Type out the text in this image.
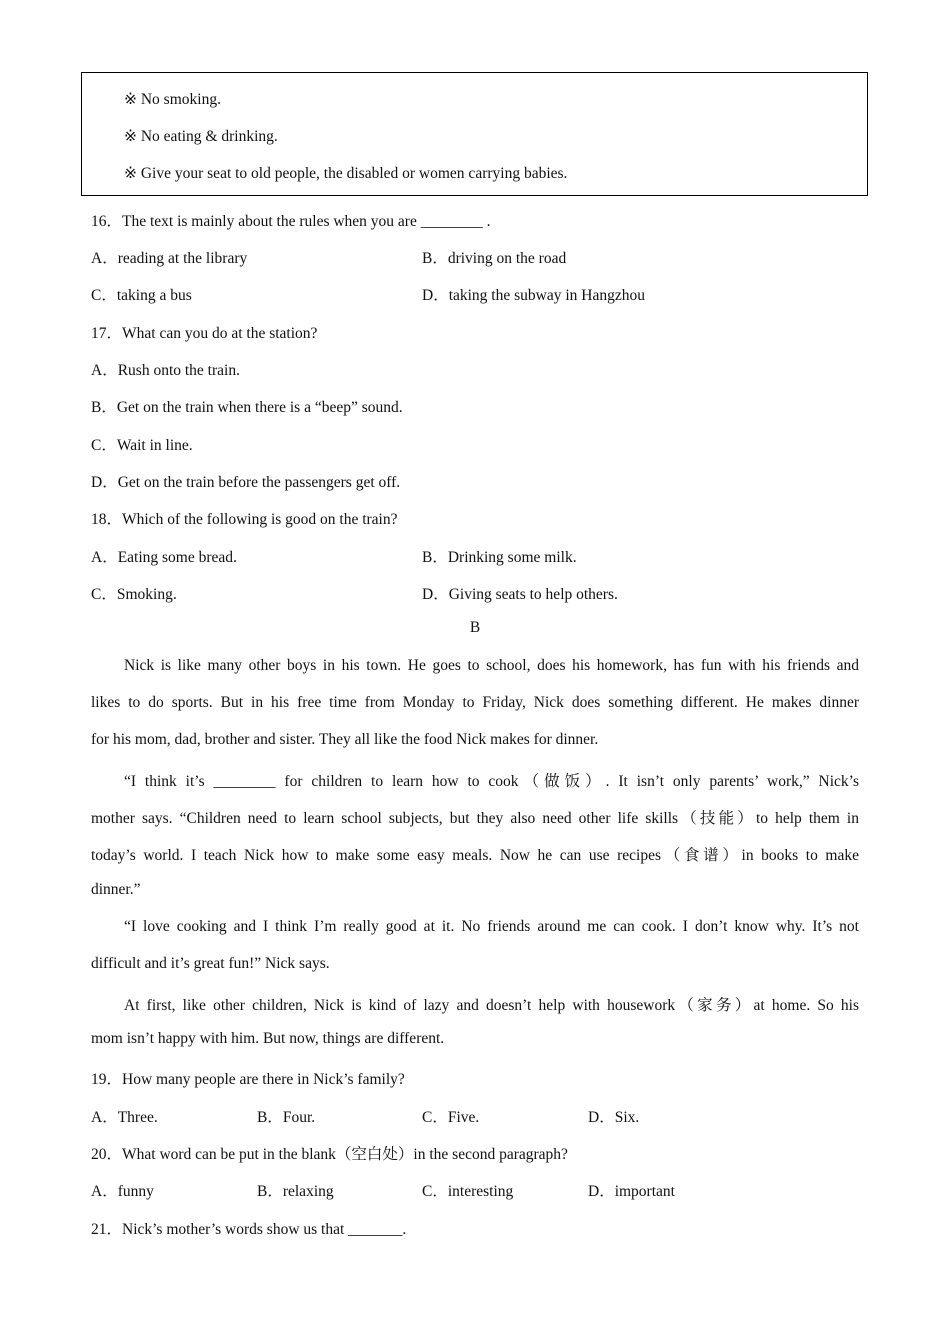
※ No smoking.
※ No eating & drinking.
※ Give your seat to old people, the disabled or women carrying babies.
16．The text is mainly about the rules when you are ________ .
A．reading at the library	B．driving on the road
C．taking a bus	D．taking the subway in Hangzhou
17．What can you do at the station?
A．Rush onto the train.
B．Get on the train when there is a “beep” sound.
C．Wait in line.
D．Get on the train before the passengers get off.
18．Which of the following is good on the train?
A．Eating some bread.	B．Drinking some milk.
C．Smoking.	D．Giving seats to help others.
B
Nick is like many other boys in his town. He goes to school, does his homework, has fun with his friends and
likes to do sports. But in his free time from Monday to Friday, Nick does something different. He makes dinner
for his mom, dad, brother and sister. They all like the food Nick makes for dinner.
“I think it’s ________ for children to learn how to cook（做饭）. It isn’t only parents’ work,” Nick’s
mother says. “Children need to learn school subjects, but they also need other life skills（技能）to help them in
today’s world. I teach Nick how to make some easy meals. Now he can use recipes（食谱）in books to make
dinner.”
“I love cooking and I think I’m really good at it. No friends around me can cook. I don’t know why. It’s not
difficult and it’s great fun!” Nick says.
At first, like other children, Nick is kind of lazy and doesn’t help with housework（家务）at home. So his
mom isn’t happy with him. But now, things are different.
19．How many people are there in Nick’s family?
A．Three.	B．Four.	C．Five.	D．Six.
20．What word can be put in the blank（空白处）in the second paragraph?
A．funny	B．relaxing	C．interesting	D．important
21．Nick’s mother’s words show us that _______.
